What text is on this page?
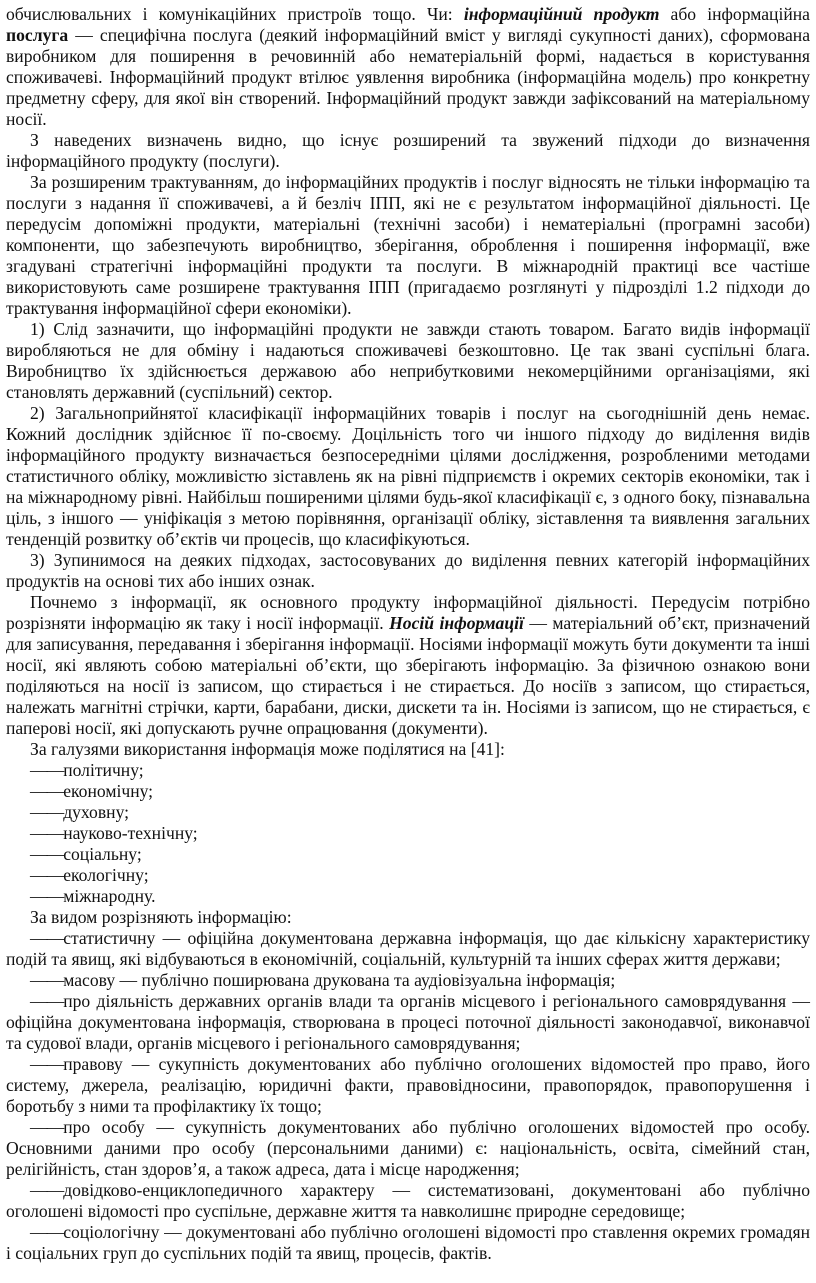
обчислювальних і комунікаційних пристроїв тощо. Чи: інформаційний продукт або інформаційна послуга — специфічна послуга (деякий інформаційний вміст у вигляді сукупності даних), сформована виробником для поширення в речовинній або нематеріальній формі, надається в користування споживачеві. Інформаційний продукт втілює уявлення виробника (інформаційна модель) про конкретну предметну сферу, для якої він створений. Інформаційний продукт завжди зафіксований на матеріальному носії.

З наведених визначень видно, що існує розширений та звужений підходи до визначення інформаційного продукту (послуги).

За розширеним трактуванням, до інформаційних продуктів і послуг відносять не тільки інформацію та послуги з надання її споживачеві, а й безліч ІПП, які не є результатом інформаційної діяльності. Це передусім допоміжні продукти, матеріальні (технічні засоби) і нематеріальні (програмні засоби) компоненти, що забезпечують виробництво, зберігання, оброблення і поширення інформації, вже згадувані стратегічні інформаційні продукти та послуги. В міжнародній практиці все частіше використовують саме розширене трактування ІПП (пригадаємо розглянуті у підрозділі 1.2 підходи до трактування інформаційної сфери економіки).

1) Слід зазначити, що інформаційні продукти не завжди стають товаром. Багато видів інформації виробляються не для обміну і надаються споживачеві безкоштовно. Це так звані суспільні блага. Виробництво їх здійснюється державою або неприбутковими некомерційними організаціями, які становлять державний (суспільний) сектор.

2) Загальноприйнятої класифікації інформаційних товарів і послуг на сьогоднішній день немає. Кожний дослідник здійснює її по-своєму. Доцільність того чи іншого підходу до виділення видів інформаційного продукту визначається безпосередніми цілями дослідження, розробленими методами статистичного обліку, можливістю зіставлень як на рівні підприємств і окремих секторів економіки, так і на міжнародному рівні. Найбільш поширеними цілями будь-якої класифікації є, з одного боку, пізнавальна ціль, з іншого — уніфікація з метою порівняння, організації обліку, зіставлення та виявлення загальних тенденцій розвитку об’єктів чи процесів, що класифікуються.

3) Зупинимося на деяких підходах, застосовуваних до виділення певних категорій інформаційних продуктів на основі тих або інших ознак.

Почнемо з інформації, як основного продукту інформаційної діяльності. Передусім потрібно розрізняти інформацію як таку і носії інформації. Носій інформації — матеріальний об’єкт, призначений для записування, передавання і зберігання інформації. Носіями інформації можуть бути документи та інші носії, які являють собою матеріальні об’єкти, що зберігають інформацію. За фізичною ознакою вони поділяються на носії із записом, що стирається і не стирається. До носіїв з записом, що стирається, належать магнітні стрічки, карти, барабани, диски, дискети та ін. Носіями із записом, що не стирається, є паперові носії, які допускають ручне опрацювання (документи).

За галузями використання інформація може поділятися на [41]:

——політичну;

——економічну;

——духовну;

——науково-технічну;

——соціальну;

——екологічну;

——міжнародну.

За видом розрізняють інформацію:

——статистичну — офіційна документована державна інформація, що дає кількісну характеристику подій та явищ, які відбуваються в економічній, соціальній, культурній та інших сферах життя держави;

——масову — публічно поширювана друкована та аудіовізуальна інформація;

——про діяльність державних органів влади та органів місцевого і регіонального самоврядування — офіційна документована інформація, створювана в процесі поточної діяльності законодавчої, виконавчої та судової влади, органів місцевого і регіонального самоврядування;

——правову — сукупність документованих або публічно оголошених відомостей про право, його систему, джерела, реалізацію, юридичні факти, правовідносини, правопорядок, правопорушення і боротьбу з ними та профілактику їх тощо;

——про особу — сукупність документованих або публічно оголошених відомостей про особу. Основними даними про особу (персональними даними) є: національність, освіта, сімейний стан, релігійність, стан здоров’я, а також адреса, дата і місце народження;

——довідково-енциклопедичного характеру — систематизовані, документовані або публічно оголошені відомості про суспільне, державне життя та навколишнє природне середовище;

——соціологічну — документовані або публічно оголошені відомості про ставлення окремих громадян і соціальних груп до суспільних подій та явищ, процесів, фактів.
